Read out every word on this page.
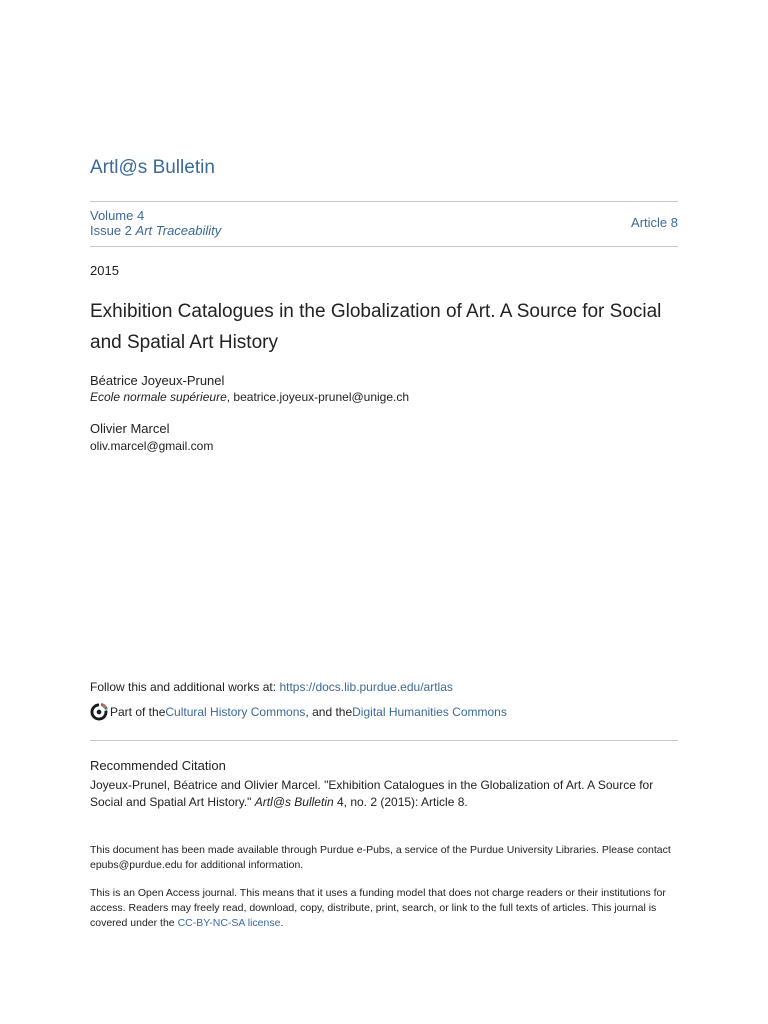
Artl@s Bulletin
Volume 4
Issue 2 Art Traceability
Article 8
2015
Exhibition Catalogues in the Globalization of Art. A Source for Social and Spatial Art History
Béatrice Joyeux-Prunel
Ecole normale supérieure, beatrice.joyeux-prunel@unige.ch
Olivier Marcel
oliv.marcel@gmail.com
Follow this and additional works at: https://docs.lib.purdue.edu/artlas
Part of the Cultural History Commons , and the Digital Humanities Commons
Recommended Citation
Joyeux-Prunel, Béatrice and Olivier Marcel. "Exhibition Catalogues in the Globalization of Art. A Source for Social and Spatial Art History." Artl@s Bulletin 4, no. 2 (2015): Article 8.
This document has been made available through Purdue e-Pubs, a service of the Purdue University Libraries. Please contact epubs@purdue.edu for additional information.
This is an Open Access journal. This means that it uses a funding model that does not charge readers or their institutions for access. Readers may freely read, download, copy, distribute, print, search, or link to the full texts of articles. This journal is covered under the CC-BY-NC-SA license.
